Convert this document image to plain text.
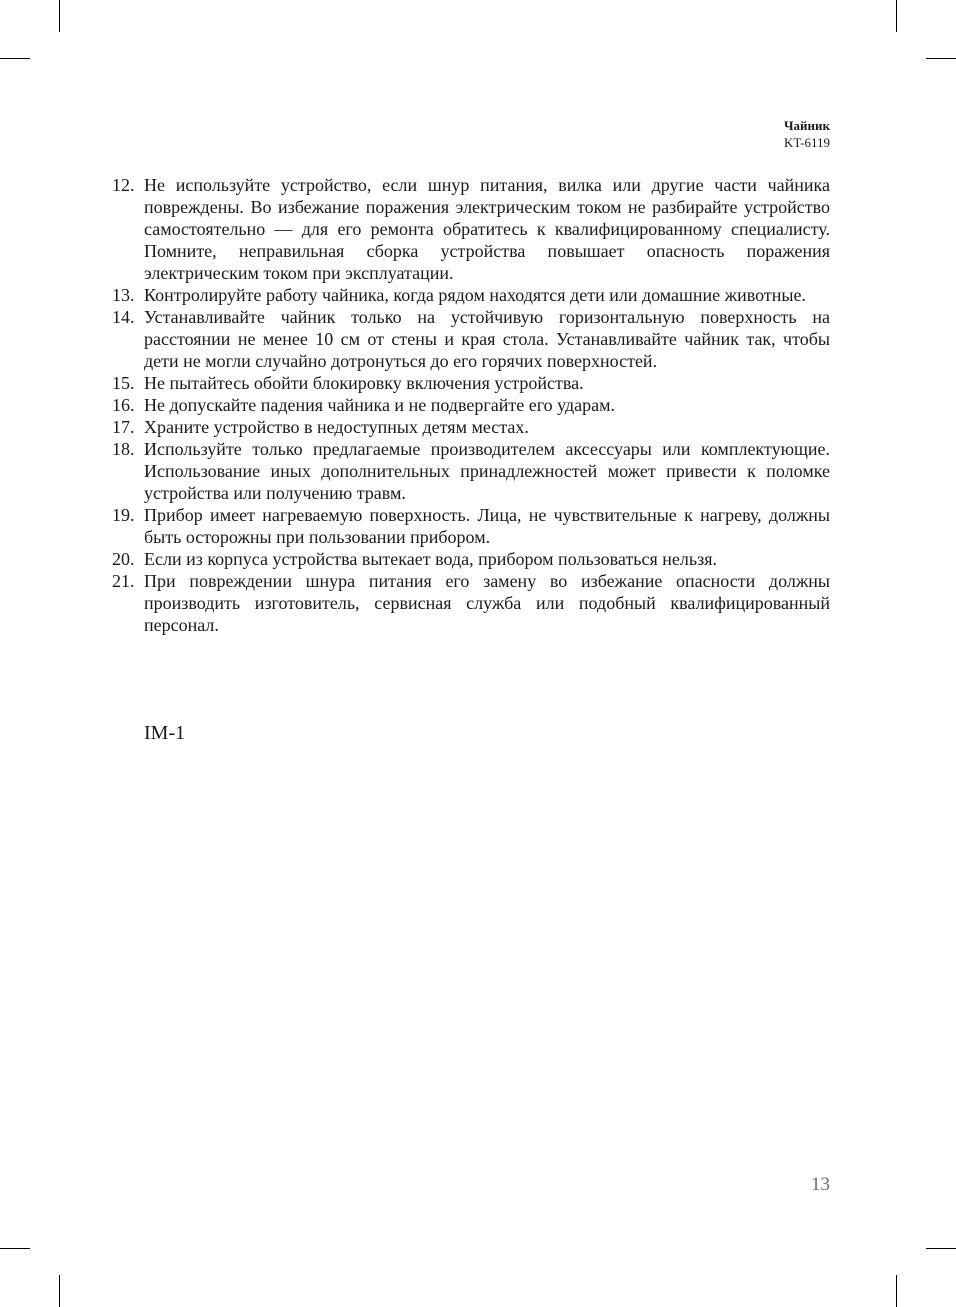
Чайник
KT-6119
12. Не используйте устройство, если шнур питания, вилка или другие части чайника повреждены. Во избежание поражения электрическим током не разбирайте устройство самостоятельно — для его ремонта обратитесь к квалифицированному специалисту. Помните, неправильная сборка устройства повышает опасность поражения электрическим током при эксплуатации.
13. Контролируйте работу чайника, когда рядом находятся дети или домашние животные.
14. Устанавливайте чайник только на устойчивую горизонтальную поверхность на расстоянии не менее 10 см от стены и края стола. Устанавливайте чайник так, чтобы дети не могли случайно дотронуться до его горячих поверхностей.
15. Не пытайтесь обойти блокировку включения устройства.
16. Не допускайте падения чайника и не подвергайте его ударам.
17. Храните устройство в недоступных детям местах.
18. Используйте только предлагаемые производителем аксессуары или комплектующие. Использование иных дополнительных принадлежностей может привести к поломке устройства или получению травм.
19. Прибор имеет нагреваемую поверхность. Лица, не чувствительные к нагреву, должны быть осторожны при пользовании прибором.
20. Если из корпуса устройства вытекает вода, прибором пользоваться нельзя.
21. При повреждении шнура питания его замену во избежание опасности должны производить изготовитель, сервисная служба или подобный квалифицированный персонал.
IM-1
13
